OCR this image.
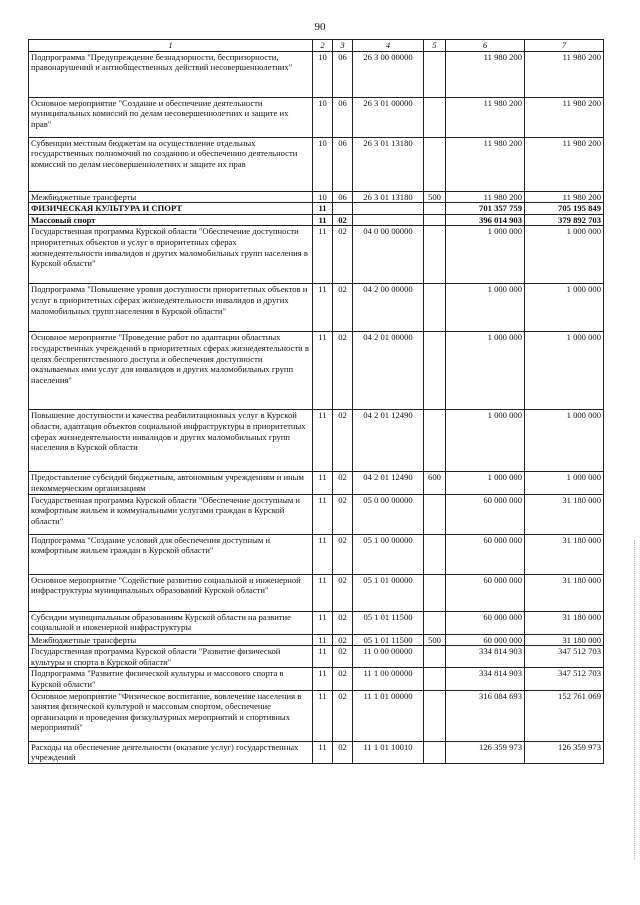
90
1	2	3	4	5	6	7
Подпрограмма "Предупреждение безнадзорности, беспризорности, правонарушений и антиобщественных действий несовершеннолетних"	10	06	26 3 00 00000		11 980 200	11 980 200
Основное мероприятие "Создание и обеспечение деятельности муниципальных комиссий по делам несовершеннолетних и защите их прав"	10	06	26 3 01 00000		11 980 200	11 980 200
Субвенции местным бюджетам на осуществление отдельных государственных полномочий по созданию и обеспечению деятельности комиссий по делам несовершеннолетних и защите их прав	10	06	26 3 01 13180		11 980 200	11 980 200
Межбюджетные трансферты	10	06	26 3 01 13180	500	11 980 200	11 980 200
ФИЗИЧЕСКАЯ КУЛЬТУРА И СПОРТ	11				701 357 759	705 195 849
Массовый спорт	11	02			396 014 903	379 892 703
Государственная программа Курской области "Обеспечение доступности приоритетных объектов и услуг в приоритетных сферах жизнедеятельности инвалидов и других маломобильных групп населения в Курской области"	11	02	04 0 00 00000		1 000 000	1 000 000
Подпрограмма "Повышение уровня доступности приоритетных объектов и услуг в приоритетных сферах жизнедеятельности инвалидов и других маломобильных групп населения в Курской области"	11	02	04 2 00 00000		1 000 000	1 000 000
Основное мероприятие "Проведение работ по адаптации областных государственных учреждений в приоритетных сферах жизнедеятельности в целях беспрепятственного доступа и обеспечения доступности оказываемых ими услуг для инвалидов и других маломобильных групп населения"	11	02	04 2 01 00000		1 000 000	1 000 000
Повышение доступности и качества реабилитационных услуг в Курской области, адаптация объектов социальной инфраструктуры в приоритетных сферах жизнедеятельности инвалидов и других маломобильных групп населения в Курской области	11	02	04 2 01 12490		1 000 000	1 000 000
Предоставление субсидий бюджетным, автономным учреждениям и иным некоммерческим организациям	11	02	04 2 01 12490	600	1 000 000	1 000 000
Государственная программа Курской области "Обеспечение доступным и комфортным жильем и коммунальными услугами граждан в Курской области"	11	02	05 0 00 00000		60 000 000	31 180 000
Подпрограмма "Создание условий для обеспечения доступным и комфортным жильем граждан в Курской области"	11	02	05 1 00 00000		60 000 000	31 180 000
Основное мероприятие "Содействие развитию социальной и инженерной инфраструктуры муниципальных образований Курской области"	11	02	05 1 01 00000		60 000 000	31 180 000
Субсидии муниципальным образованиям Курской области на развитие социальной и инженерной инфраструктуры	11	02	05 1 01 11500		60 000 000	31 180 000
Межбюджетные трансферты	11	02	05 1 01 11500	500	60 000 000	31 180 000
Государственная программа Курской области "Развитие физической культуры и спорта в Курской области"	11	02	11 0 00 00000		334 814 903	347 512 703
Подпрограмма "Развитие физической культуры и массового спорта в Курской области"	11	02	11 1 00 00000		334 814 903	347 512 703
Основное мероприятие "Физическое воспитание, вовлечение населения в занятия физической культурой и массовым спортом, обеспечение организации и проведения физкультурных мероприятий и спортивных мероприятий"	11	02	11 1 01 00000		316 084 693	152 761 069
Расходы на обеспечение деятельности (оказание услуг) государственных учреждений	11	02	11 1 01 10010		126 359 973	126 359 973
